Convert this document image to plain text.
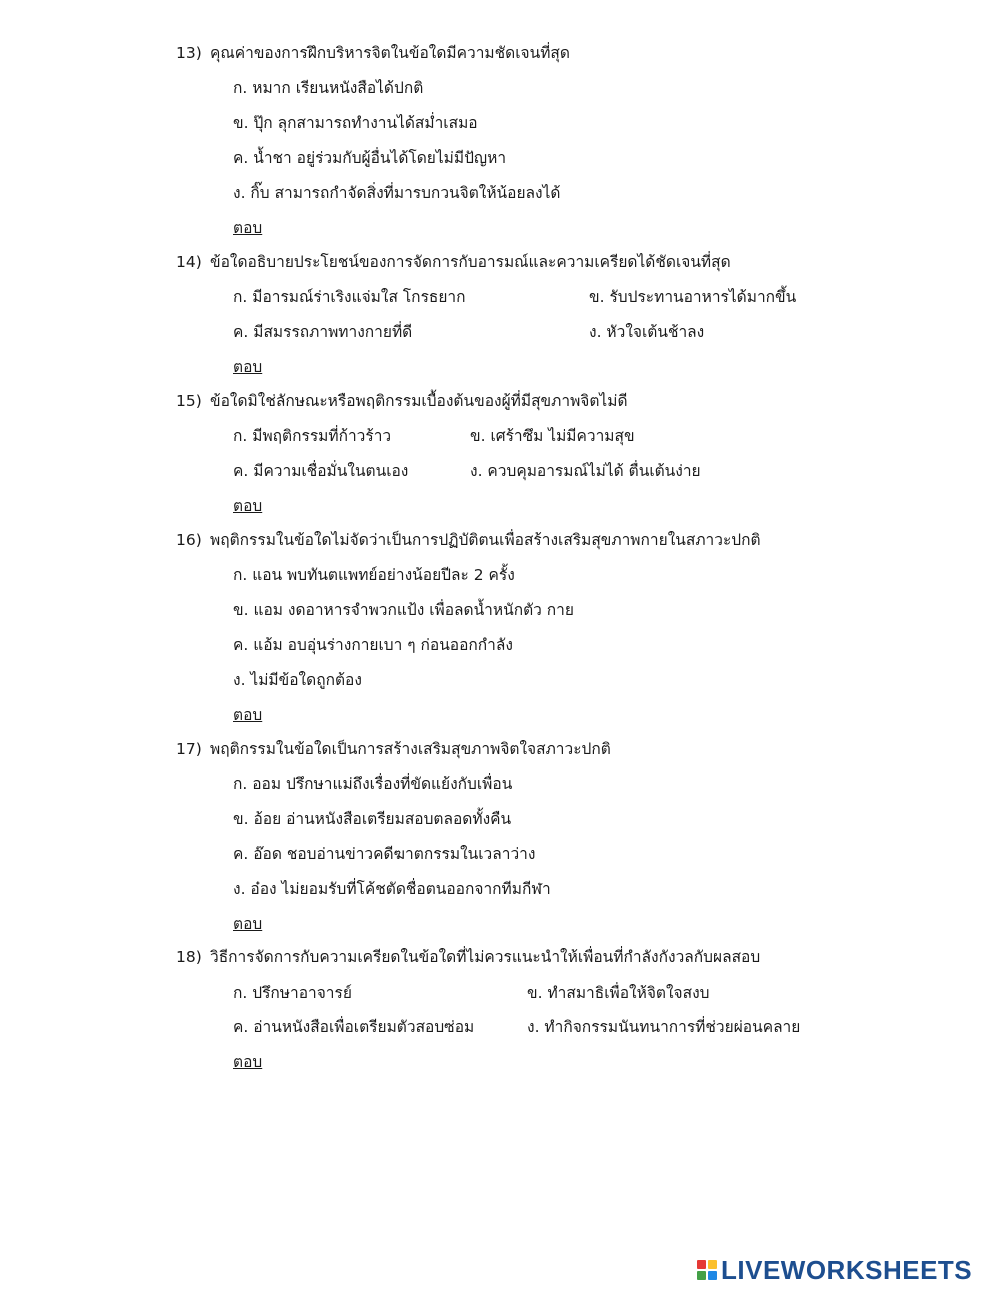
13) คุณค่าของการฝึกบริหารจิตในข้อใดมีความชัดเจนที่สุด
ก. หมาก เรียนหนังสือได้ปกติ
ข. ปุ๊ก ลุกสามารถทำงานได้สม่ำเสมอ
ค. น้ำชา อยู่ร่วมกับผู้อื่นได้โดยไม่มีปัญหา
ง. กิ๊บ สามารถกำจัดสิ่งที่มารบกวนจิตให้น้อยลงได้
ตอบ
14) ข้อใดอธิบายประโยชน์ของการจัดการกับอารมณ์และความเครียดได้ชัดเจนที่สุด
ก. มีอารมณ์ร่าเริงแจ่มใส โกรธยาก	ข. รับประทานอาหารได้มากขึ้น
ค. มีสมรรถภาพทางกายที่ดี	ง. หัวใจเต้นช้าลง
ตอบ
15) ข้อใดมิใช่ลักษณะหรือพฤติกรรมเบื้องต้นของผู้ที่มีสุขภาพจิตไม่ดี
ก. มีพฤติกรรมที่ก้าวร้าว	ข. เศร้าซึม ไม่มีความสุข
ค. มีความเชื่อมั่นในตนเอง	ง. ควบคุมอารมณ์ไม่ได้ ตื่นเต้นง่าย
ตอบ
16) พฤติกรรมในข้อใดไม่จัดว่าเป็นการปฏิบัติตนเพื่อสร้างเสริมสุขภาพกายในสภาวะปกติ
ก. แอน พบทันตแพทย์อย่างน้อยปีละ 2 ครั้ง
ข. แอม งดอาหารจำพวกแป้ง เพื่อลดน้ำหนักตัว กาย
ค. แอ้ม อบอุ่นร่างกายเบา ๆ ก่อนออกกำลัง
ง. ไม่มีข้อใดถูกต้อง
ตอบ
17) พฤติกรรมในข้อใดเป็นการสร้างเสริมสุขภาพจิตใจสภาวะปกติ
ก. ออม ปรึกษาแม่ถึงเรื่องที่ขัดแย้งกับเพื่อน
ข. อ้อย อ่านหนังสือเตรียมสอบตลอดทั้งคืน
ค. อ๊อด ชอบอ่านข่าวคดีฆาตกรรมในเวลาว่าง
ง. อ๋อง ไม่ยอมรับที่โค้ชตัดชื่อตนออกจากทีมกีฬา
ตอบ
18) วิธีการจัดการกับความเครียดในข้อใดที่ไม่ควรแนะนำให้เพื่อนที่กำลังกังวลกับผลสอบ
ก. ปรึกษาอาจารย์	ข. ทำสมาธิเพื่อให้จิตใจสงบ
ค. อ่านหนังสือเพื่อเตรียมตัวสอบซ่อม	ง. ทำกิจกรรมนันทนาการที่ช่วยผ่อนคลาย
ตอบ
LIVEWORKSHEETS
